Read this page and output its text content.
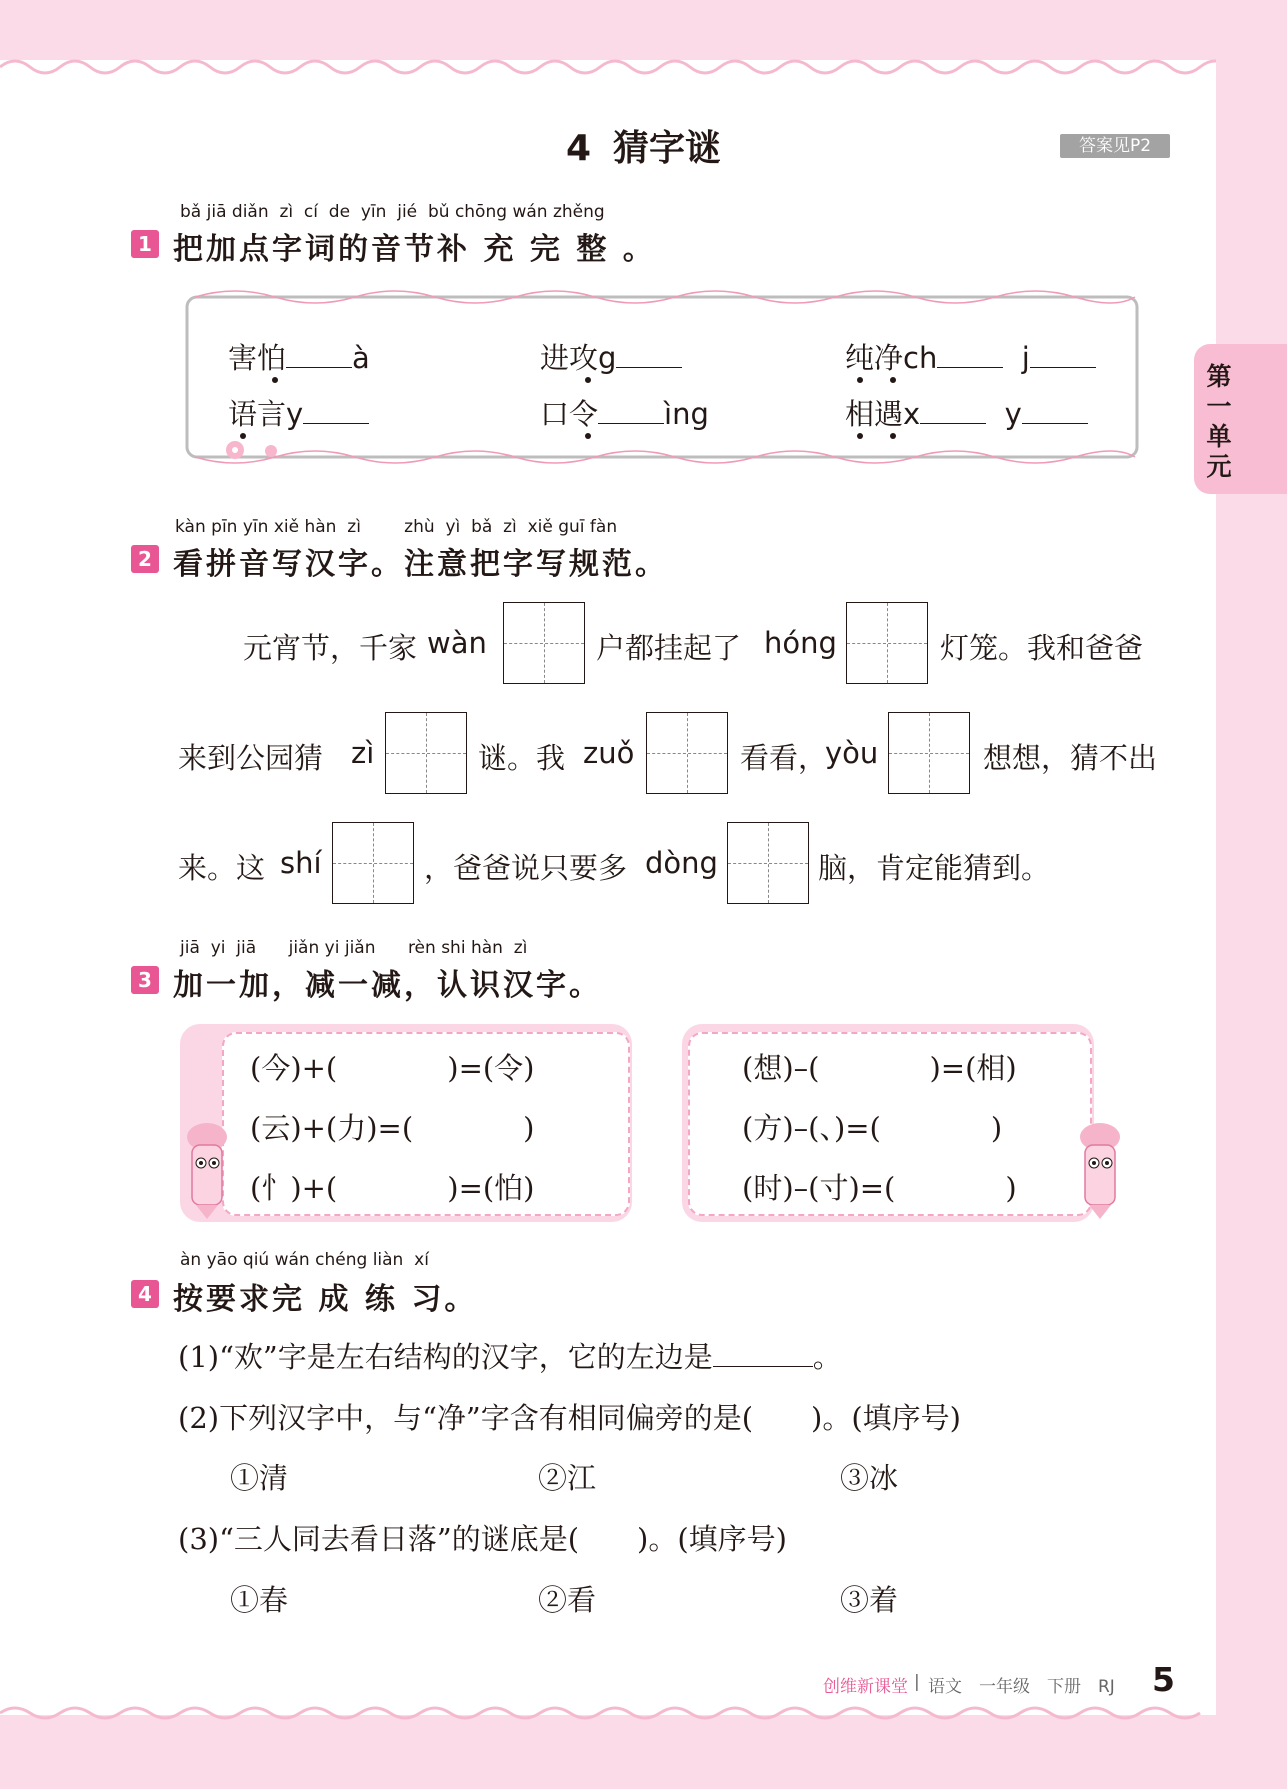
4 猜字谜	答案见P2
第
一
单
元
bǎ jiā diǎn zì cí de yīn jié bǔ chōng wán zhěng
1 把加点字词的音节补 充 完 整 。
害怕 à	进攻g	纯净ch	j
语言y	口令 ìng	相遇x	y
kàn pīn yīn xiě hàn zì	zhù yì bǎ zì xiě guī fàn
2 看拼音写汉字。注意把字写规范。
元宵节，千家 wàn	户都挂起了 hóng	灯笼。我和爸爸
来到公园猜 zì	谜。我 zuǒ	看看，
yòu	想想，猜不出
来。这 shí	，爸爸说只要多 dòng	脑，肯定能猜到。
jiā yi jiā jiǎn yi jiǎn rèn shi hàn zì
3 加一加，减一减，认识汉字。
(今)+(	)=(令)
(云)+(力)=(	)
(忄)+(	)=(怕)
(想)–(	)=(相)
(方)–(、)=(	)
(时)–(寸)=(	)
àn yāo qiú wán chéng liàn xí
4 按要求完 成 练 习。
(1)“欢”字是左右结构的汉字，它的左边是	。
(2)下列汉字中，与“净”字含有相同偏旁的是(　　)。(填序号)
①清	②江	③冰
(3)“三人同去看日落”的谜底是(　　)。(填序号)
①春	②看	③着
创维新课堂 | 语文　一年级　下册　RJ 5
